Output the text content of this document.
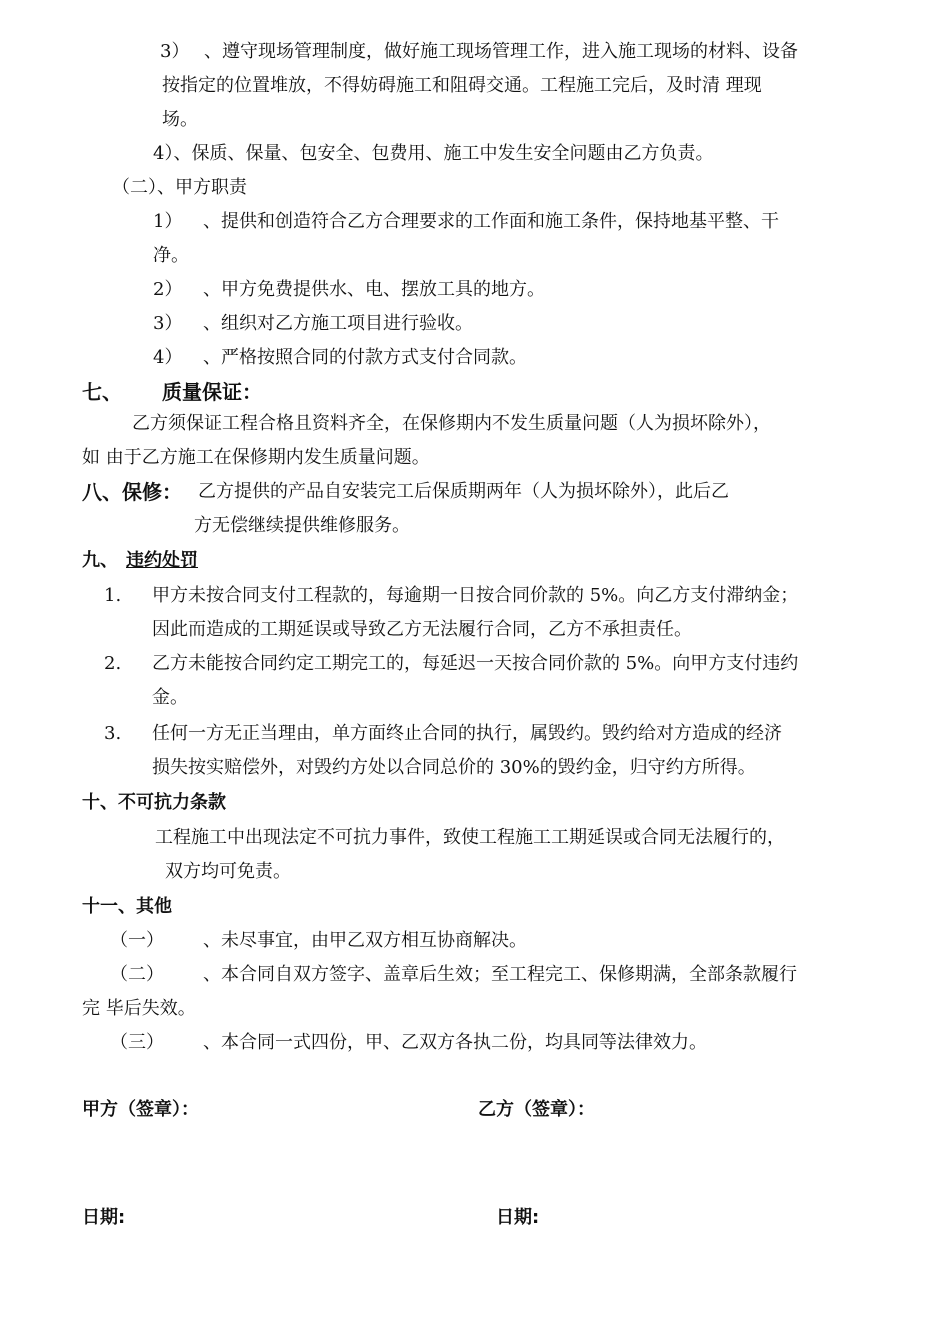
3） 、遵守现场管理制度，做好施工现场管理工作，进入施工现场的材料、设备
按指定的位置堆放，不得妨碍施工和阻碍交通。工程施工完后，及时清 理现
场。
4）、保质、保量、包安全、包费用、施工中发生安全问题由乙方负责。
（二）、甲方职责
1） 、提供和创造符合乙方合理要求的工作面和施工条件，保持地基平整、干
净。
2） 、甲方免费提供水、电、摆放工具的地方。
3） 、组织对乙方施工项目进行验收。
4） 、严格按照合同的付款方式支付合同款。
七、 质量保证：
乙方须保证工程合格且资料齐全，在保修期内不发生质量问题（人为损坏除外），
如 由于乙方施工在保修期内发生质量问题。
八、保修： 乙方提供的产品自安装完工后保质期两年（人为损坏除外），此后乙
方无偿继续提供维修服务。
九、 违约处罚
1. 甲方未按合同支付工程款的，每逾期一日按合同价款的 5%。向乙方支付滞纳金；
因此而造成的工期延误或导致乙方无法履行合同，乙方不承担责任。
2. 乙方未能按合同约定工期完工的，每延迟一天按合同价款的 5%。向甲方支付违约
金。
3. 任何一方无正当理由，单方面终止合同的执行，属毁约。毁约给对方造成的经济
损失按实赔偿外，对毁约方处以合同总价的 30%的毁约金，归守约方所得。
十、不可抗力条款
工程施工中出现法定不可抗力事件，致使工程施工工期延误或合同无法履行的，
双方均可免责。
十一、其他
（一） 、未尽事宜，由甲乙双方相互协商解决。
（二） 、本合同自双方签字、盖章后生效；至工程完工、保修期满，全部条款履行
完 毕后失效。
（三） 、本合同一式四份，甲、乙双方各执二份，均具同等法律效力。
甲方（签章）：	乙方（签章）：
日期:	日期:
